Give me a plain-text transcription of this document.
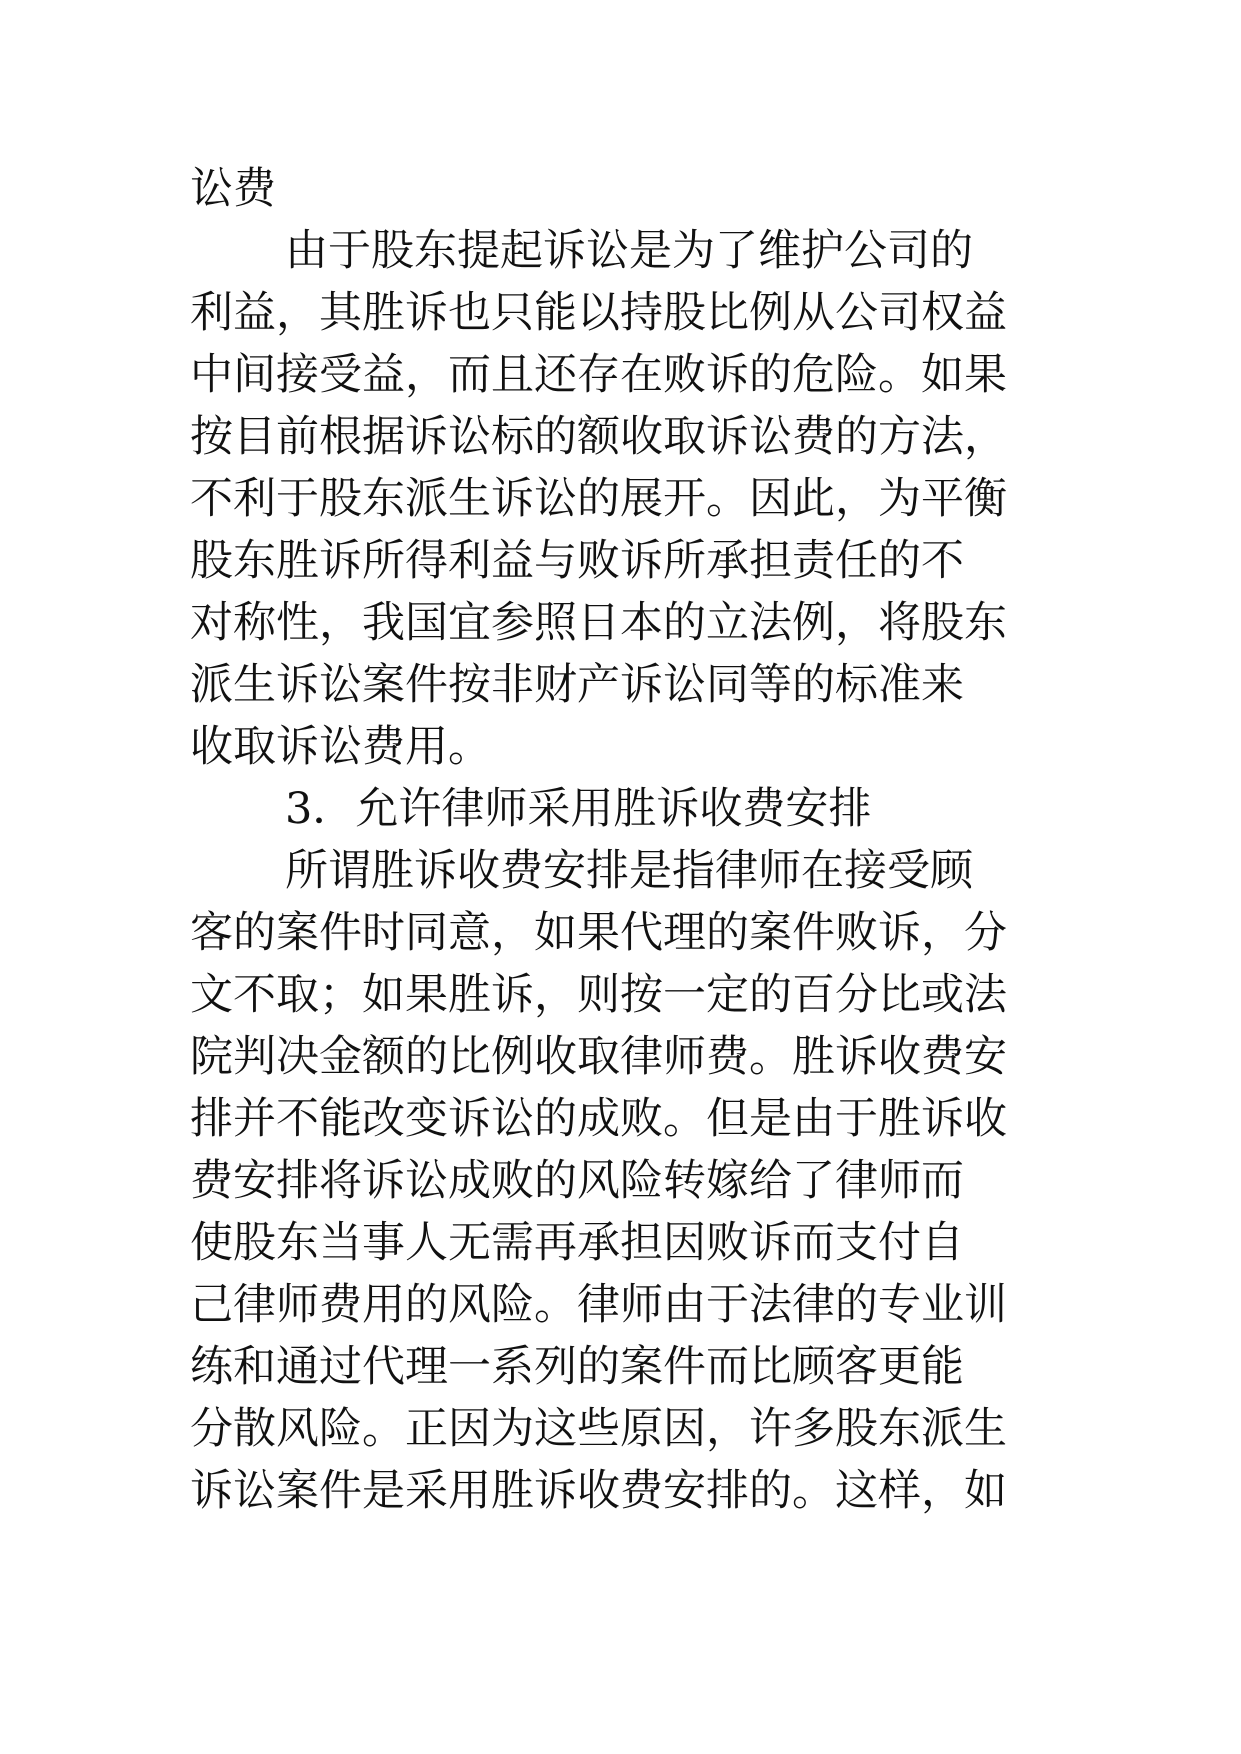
讼费
由于股东提起诉讼是为了维护公司的
利益，其胜诉也只能以持股比例从公司权益
中间接受益，而且还存在败诉的危险。如果
按目前根据诉讼标的额收取诉讼费的方法，
不利于股东派生诉讼的展开。因此，为平衡
股东胜诉所得利益与败诉所承担责任的不
对称性，我国宜参照日本的立法例，将股东
派生诉讼案件按非财产诉讼同等的标准来
收取诉讼费用。
3．允许律师采用胜诉收费安排
所谓胜诉收费安排是指律师在接受顾
客的案件时同意，如果代理的案件败诉，分
文不取；如果胜诉，则按一定的百分比或法
院判决金额的比例收取律师费。胜诉收费安
排并不能改变诉讼的成败。但是由于胜诉收
费安排将诉讼成败的风险转嫁给了律师而
使股东当事人无需再承担因败诉而支付自
己律师费用的风险。律师由于法律的专业训
练和通过代理一系列的案件而比顾客更能
分散风险。正因为这些原因，许多股东派生
诉讼案件是采用胜诉收费安排的。这样，如
